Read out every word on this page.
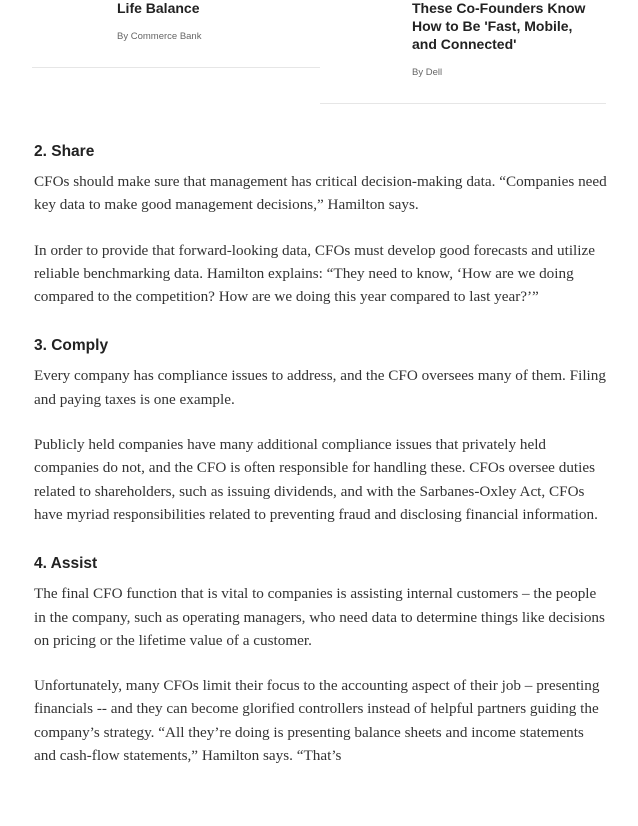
Life Balance
By Commerce Bank
These Co-Founders Know How to Be 'Fast, Mobile, and Connected'
By Dell
2. Share

CFOs should make sure that management has critical decision-making data. “Companies need key data to make good management decisions,” Hamilton says.

In order to provide that forward-looking data, CFOs must develop good forecasts and utilize reliable benchmarking data. Hamilton explains: “They need to know, ‘How are we doing compared to the competition? How are we doing this year compared to last year?’”

3. Comply

Every company has compliance issues to address, and the CFO oversees many of them. Filing and paying taxes is one example.

Publicly held companies have many additional compliance issues that privately held companies do not, and the CFO is often responsible for handling these. CFOs oversee duties related to shareholders, such as issuing dividends, and with the Sarbanes-Oxley Act, CFOs have myriad responsibilities related to preventing fraud and disclosing financial information.

4. Assist

The final CFO function that is vital to companies is assisting internal customers – the people in the company, such as operating managers, who need data to determine things like decisions on pricing or the lifetime value of a customer.

Unfortunately, many CFOs limit their focus to the accounting aspect of their job – presenting financials -- and they can become glorified controllers instead of helpful partners guiding the company’s strategy. “All they’re doing is presenting balance sheets and income statements and cash-flow statements,” Hamilton says. “That’s
